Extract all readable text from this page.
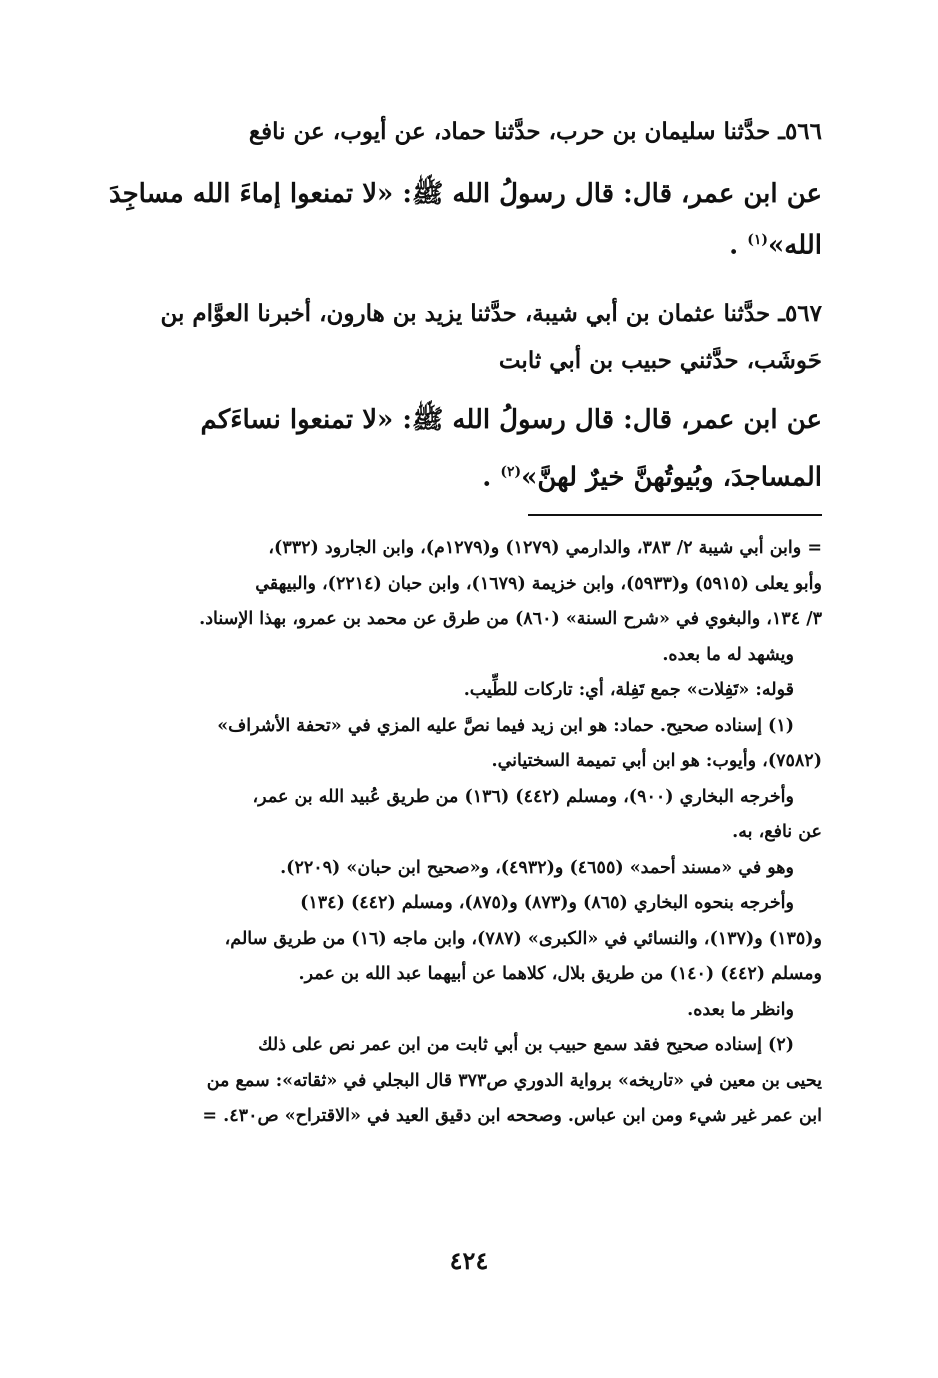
٥٦٦ـ حدَّثنا سليمان بن حرب، حدَّثنا حماد، عن أيوب، عن نافع
عن ابن عمر، قال: قال رسولُ الله ﷺ: «لا تمنعوا إماءَ الله مساجِدَ
الله»$^{(١)}$ .
٥٦٧ـ حدَّثنا عثمان بن أبي شيبة، حدَّثنا يزيد بن هارون، أخبرنا العوَّام بن
حَوشَب، حدَّثني حبيب بن أبي ثابت
عن ابن عمر، قال: قال رسولُ الله ﷺ: «لا تمنعوا نساءَكم
المساجدَ، وبُيوتُهنَّ خيرٌ لهنَّ»$^{(٢)}$ .
= وابن أبي شيبة ٢/ ٣٨٣، والدارمي (١٢٧٩) و(١٢٧٩م)، وابن الجارود (٣٣٢)،
وأبو يعلى (٥٩١٥) و(٥٩٣٣)، وابن خزيمة (١٦٧٩)، وابن حبان (٢٢١٤)، والبيهقي
٣/ ١٣٤، والبغوي في «شرح السنة» (٨٦٠) من طرق عن محمد بن عمرو، بهذا الإسناد.
ويشهد له ما بعده.
قوله: «تَفِلات» جمع تَفِلة، أي: تاركات للطِّيب.
(١) إسناده صحيح. حماد: هو ابن زيد فيما نصَّ عليه المزي في «تحفة الأشراف»
(٧٥٨٢)، وأيوب: هو ابن أبي تميمة السختياني.
وأخرجه البخاري (٩٠٠)، ومسلم (٤٤٢) (١٣٦) من طريق عُبيد الله بن عمر،
عن نافع، به.
وهو في «مسند أحمد» (٤٦٥٥) و(٤٩٣٢)، و«صحيح ابن حبان» (٢٢٠٩).
وأخرجه بنحوه البخاري (٨٦٥) و(٨٧٣) و(٨٧٥)، ومسلم (٤٤٢) (١٣٤)
و(١٣٥) و(١٣٧)، والنسائي في «الكبرى» (٧٨٧)، وابن ماجه (١٦) من طريق سالم،
ومسلم (٤٤٢) (١٤٠) من طريق بلال، كلاهما عن أبيهما عبد الله بن عمر.
وانظر ما بعده.
(٢) إسناده صحيح فقد سمع حبيب بن أبي ثابت من ابن عمر نص على ذلك
يحيى بن معين في «تاريخه» برواية الدوري ص٣٧٣ قال البجلي في «ثقاته»: سمع من
ابن عمر غير شيء ومن ابن عباس. وصححه ابن دقيق العيد في «الاقتراح» ص٤٣٠. =
٤٢٤
